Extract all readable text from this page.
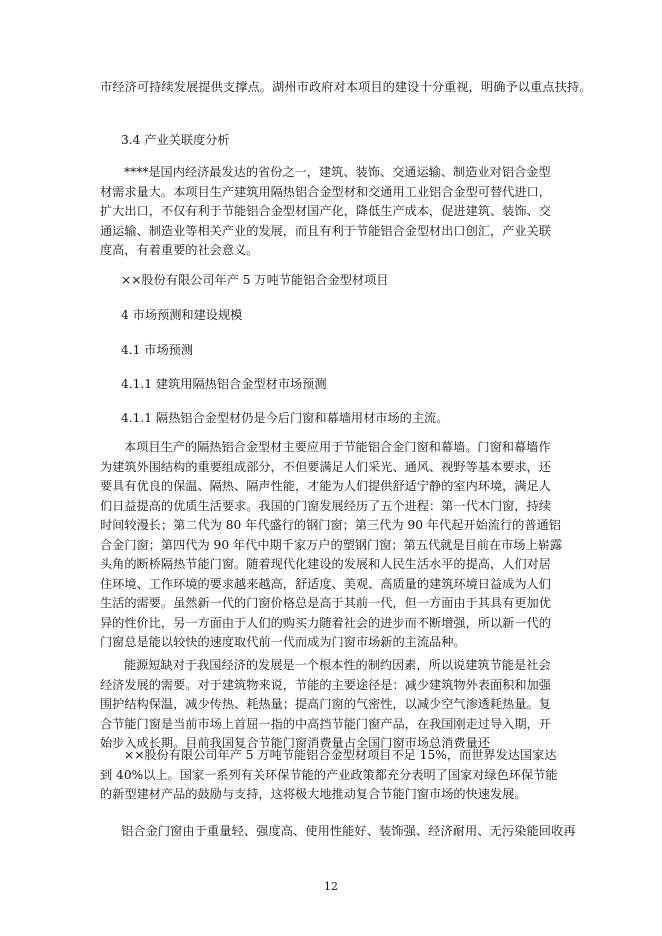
市经济可持续发展提供支撑点。湖州市政府对本项目的建设十分重视，明确予以重点扶持。
3.4 产业关联度分析

****是国内经济最发达的省份之一，建筑、装饰、交通运输、制造业对铝合金型材需求量大。本项目生产建筑用隔热铝合金型材和交通用工业铝合金型可替代进口，扩大出口，不仅有利于节能铝合金型材国产化，降低生产成本，促进建筑、装饰、交通运输、制造业等相关产业的发展，而且有利于节能铝合金型材出口创汇，产业关联度高，有着重要的社会意义。

××股份有限公司年产 5 万吨节能铝合金型材项目
4 市场预测和建设规模
4.1 市场预测
4.1.1 建筑用隔热铝合金型材市场预测
4.1.1 隔热铝合金型材仍是今后门窗和幕墙用材市场的主流。

本项目生产的隔热铝合金型材主要应用于节能铝合金门窗和幕墙。门窗和幕墙作为建筑外围结构的重要组成部分，不但要满足人们采光、通风、视野等基本要求，还要具有优良的保温、隔热、隔声性能，才能为人们提供舒适宁静的室内环境，满足人们日益提高的优质生活要求。我国的门窗发展经历了五个进程：第一代木门窗，持续时间较漫长；第二代为 80 年代盛行的钢门窗；第三代为 90 年代起开始流行的普通铝合金门窗；第四代为 90 年代中期千家万户的塑钢门窗；第五代就是目前在市场上崭露头角的断桥隔热节能门窗。随着现代化建设的发展和人民生活水平的提高，人们对居住环境、工作环境的要求越来越高，舒适度、美观、高质量的建筑环境日益成为人们生活的需要。虽然新一代的门窗价格总是高于其前一代，但一方面由于其具有更加优异的性价比，另一方面由于人们的购买力随着社会的进步而不断增强，所以新一代的门窗总是能以较快的速度取代前一代而成为门窗市场新的主流品种。

能源短缺对于我国经济的发展是一个根本性的制约因素，所以说建筑节能是社会经济发展的需要。对于建筑物来说，节能的主要途径是：减少建筑物外表面积和加强围护结构保温，减少传热、耗热量；提高门窗的气密性，以减少空气渗透耗热量。复合节能门窗是当前市场上首屈一指的中高挡节能门窗产品，在我国刚走过导入期，开始步入成长期。目前我国复合节能门窗消费量占全国门窗市场总消费量还

××股份有限公司年产 5 万吨节能铝合金型材项目不足 15%，而世界发达国家达到 40%以上。国家一系列有关环保节能的产业政策都充分表明了国家对绿色环保节能的新型建材产品的鼓励与支持，这将极大地推动复合节能门窗市场的快速发展。

铝合金门窗由于重量轻、强度高、使用性能好、装饰强、经济耐用、无污染能回收再
12
